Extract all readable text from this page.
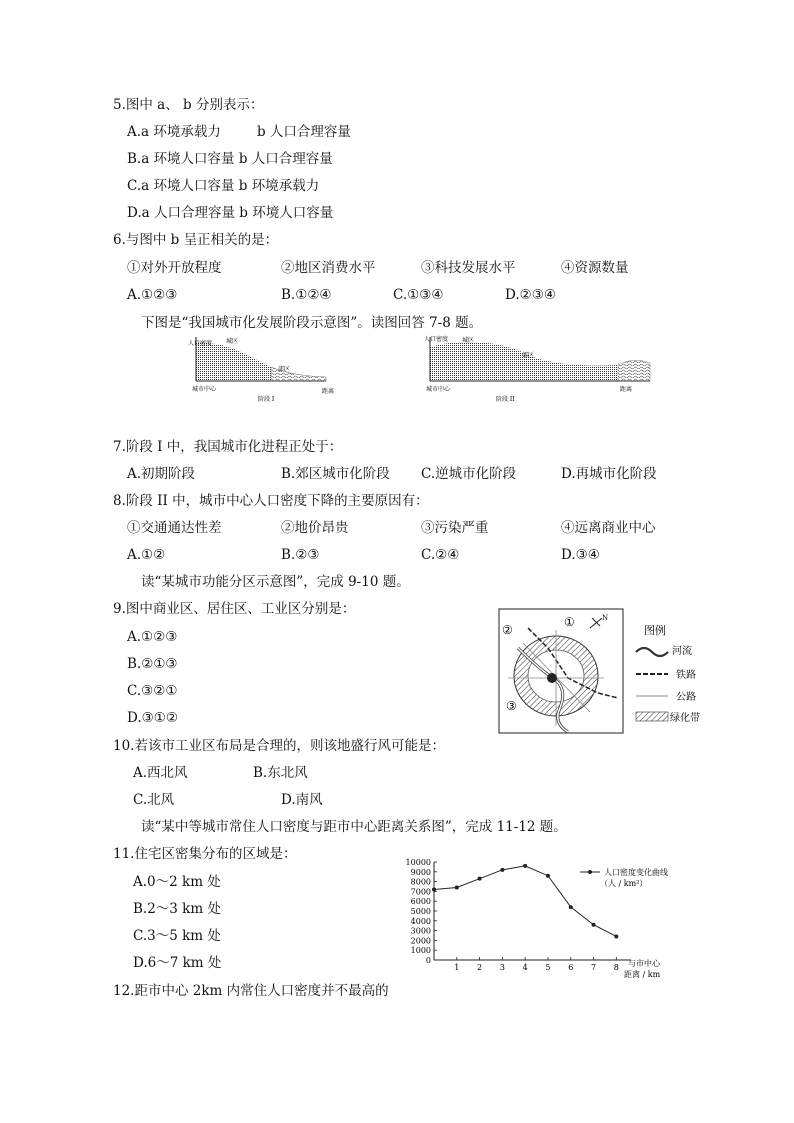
5.图中 a、 b 分别表示：
A.a 环境承载力	b 人口合理容量
B.a 环境人口容量 b 人口合理容量
C.a 环境人口容量 b 环境承载力
D.a 人口合理容量 b 环境人口容量
6.与图中 b 呈正相关的是：
①对外开放程度	②地区消费水平	③科技发展水平	④资源数量
A.①②③	B.①②④	C.①③④	D.②③④
下图是“我国城市化发展阶段示意图”。读图回答 7-8 题。
人口密度 城区
郊区
城市中心	距离
阶段 I
人口密度 城区
郊区
城市中心	距离
阶段 II
7.阶段 I 中，我国城市化进程正处于：
A.初期阶段	B.郊区城市化阶段 C.逆城市化阶段	D.再城市化阶段
8.阶段 II 中，城市中心人口密度下降的主要原因有：
①交通通达性差	②地价昂贵	③污染严重	④远离商业中心
A.①②	B.②③	C.②④	D.③④
读“某城市功能分区示意图”，完成 9-10 题。
9.图中商业区、居住区、工业区分别是：
A.①②③
B.②①③
C.③②①
D.③①②
①
②
③
N
图例
河流
铁路
公路
绿化带
10.若该市工业区布局是合理的，则该地盛行风可能是：
A.西北风	B.东北风
C.北风	D.南风
读“某中等城市常住人口密度与距市中心距离关系图”，完成 11-12 题。
11.住宅区密集分布的区域是：
A.0～2 km 处
B.2～3 km 处
C.3～5 km 处
D.6～7 km 处
12.距市中心 2km 内常住人口密度并不最高的
0
1000
2000
3000
4000
5000
6000
7000
8000
9000
10000
1 2 3 4 5 6 7 8
人口密度变化曲线
（人 / km²）
与市中心
距离 / km
